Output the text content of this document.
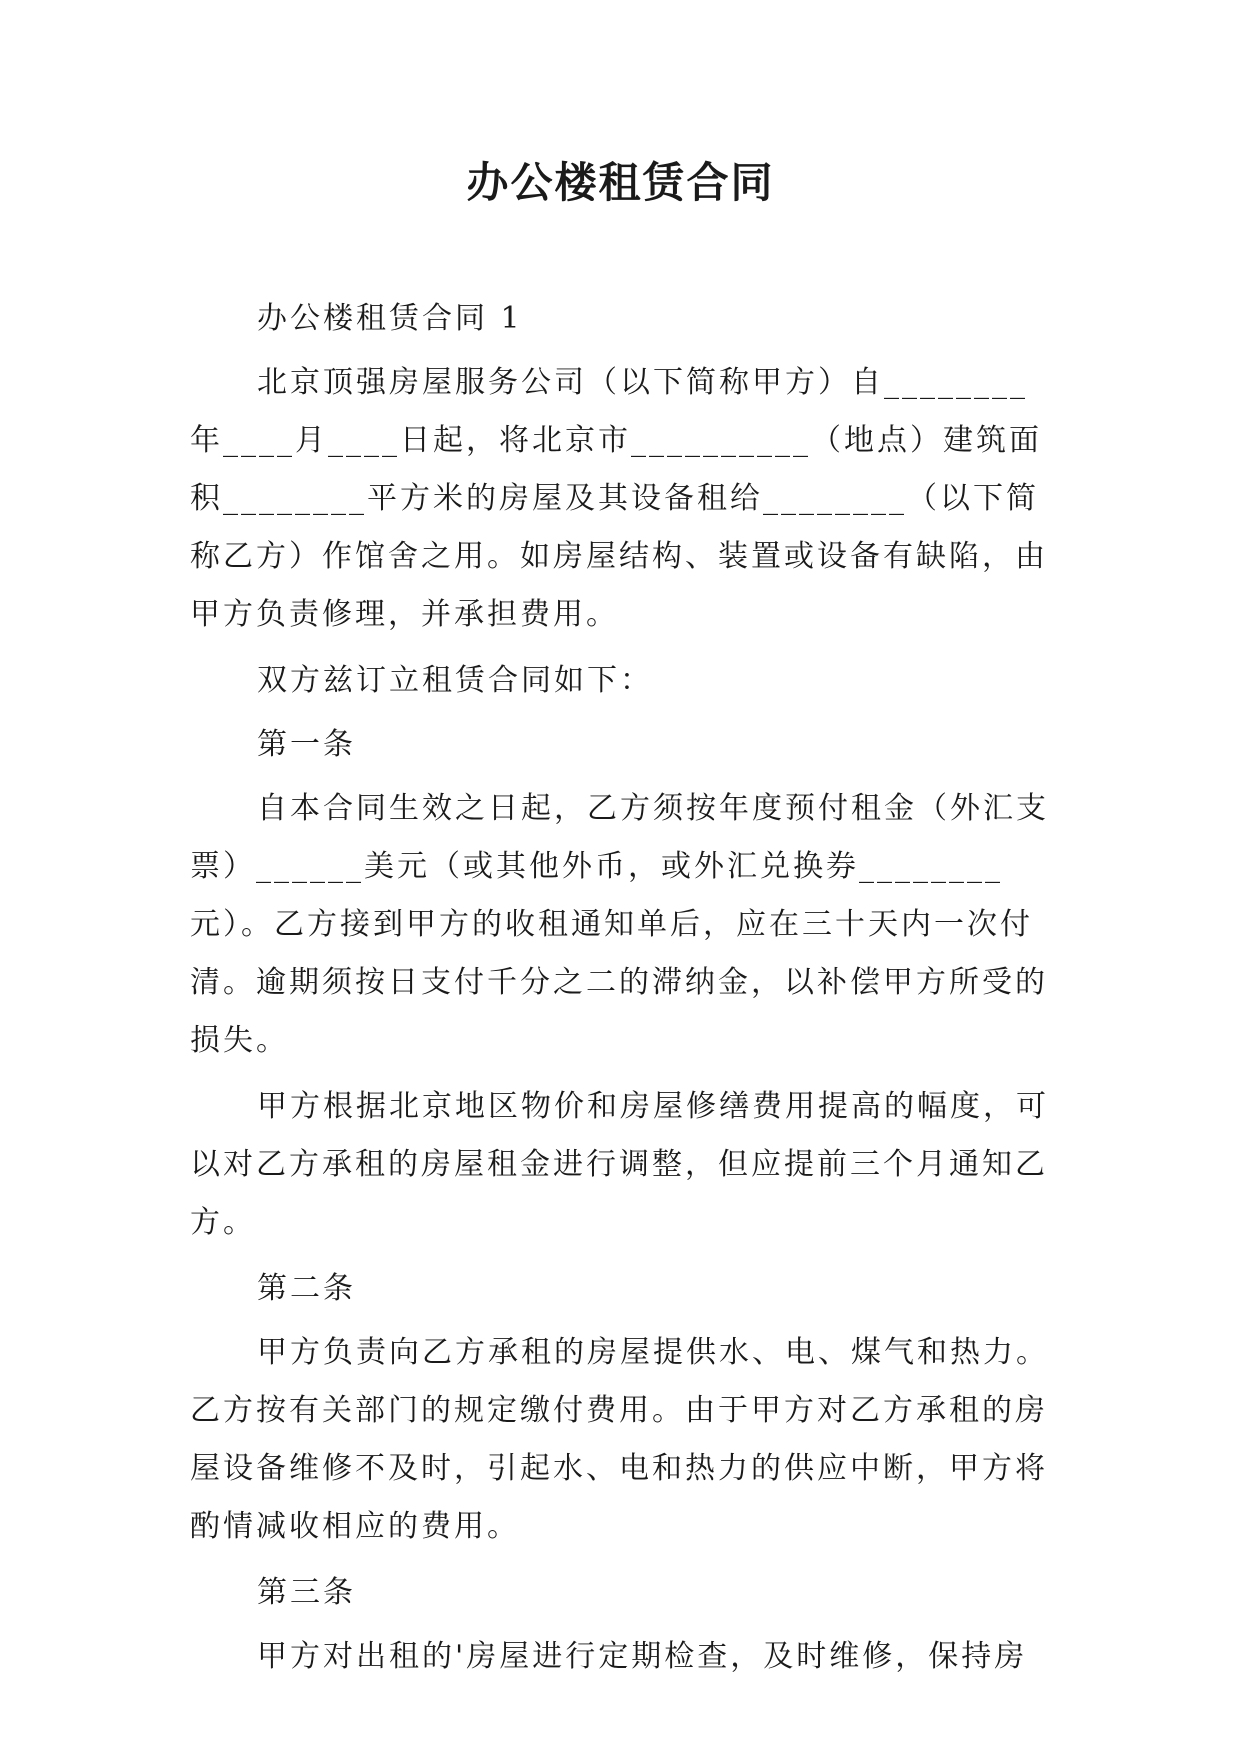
办公楼租赁合同

办公楼租赁合同 1

北京顶强房屋服务公司（以下简称甲方）自________年____月____日起，将北京市__________（地点）建筑面积________平方米的房屋及其设备租给________（以下简称乙方）作馆舍之用。如房屋结构、装置或设备有缺陷，由甲方负责修理，并承担费用。

双方兹订立租赁合同如下：

第一条

自本合同生效之日起，乙方须按年度预付租金（外汇支票）______美元（或其他外币，或外汇兑换券________元）。乙方接到甲方的收租通知单后，应在三十天内一次付清。逾期须按日支付千分之二的滞纳金，以补偿甲方所受的损失。

甲方根据北京地区物价和房屋修缮费用提高的幅度，可以对乙方承租的房屋租金进行调整，但应提前三个月通知乙方。

第二条

甲方负责向乙方承租的房屋提供水、电、煤气和热力。乙方按有关部门的规定缴付费用。由于甲方对乙方承租的房屋设备维修不及时，引起水、电和热力的供应中断，甲方将酌情减收相应的费用。

第三条

甲方对出租的'房屋进行定期检查，及时维修，保持房
